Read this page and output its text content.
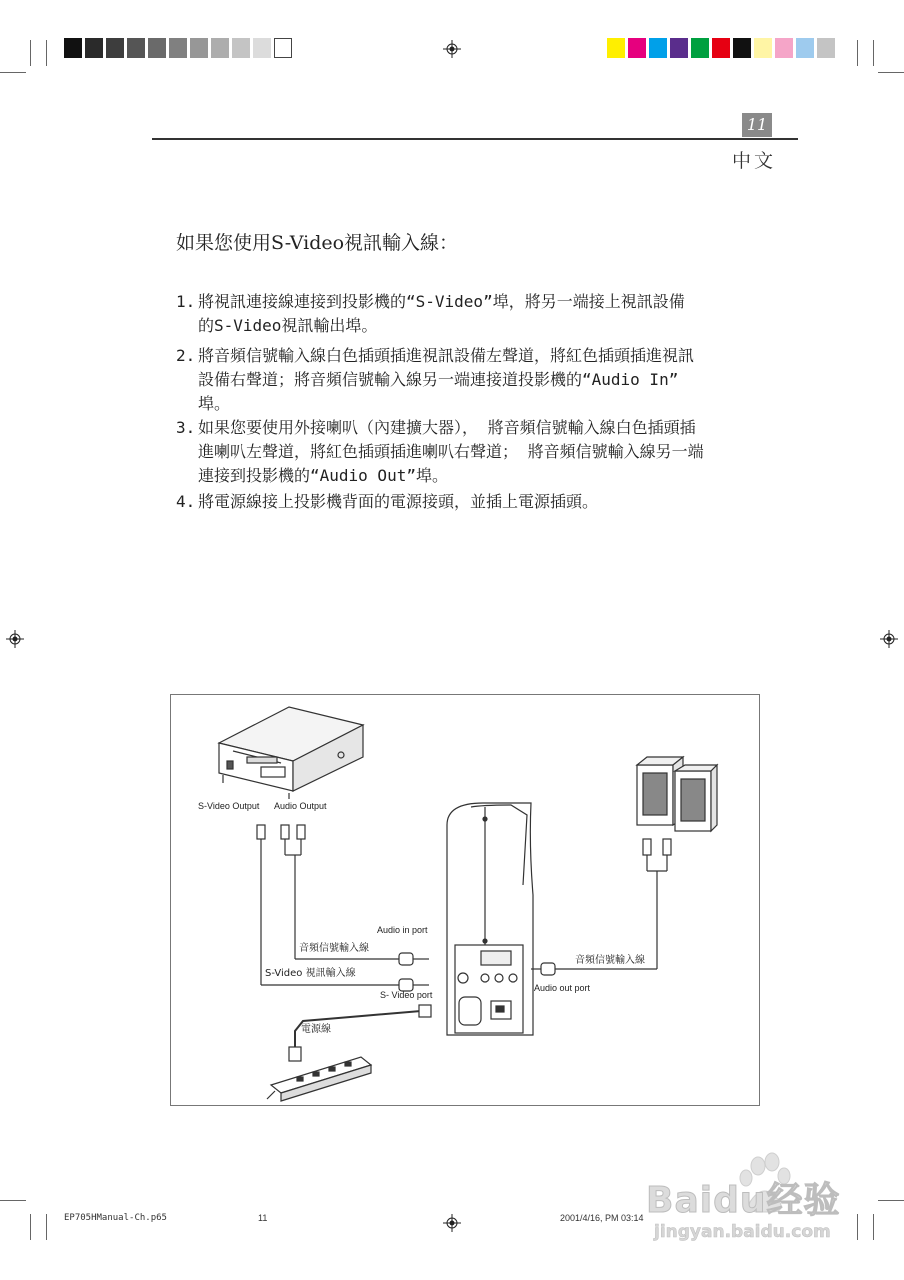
11
中文
如果您使用S-Video視訊輸入線：
1. 將視訊連接線連接到投影機的“S-Video”埠，將另一端接上視訊設備
的S-Video視訊輸出埠。
2. 將音頻信號輸入線白色插頭插進視訊設備左聲道，將紅色插頭插進視訊
設備右聲道；將音頻信號輸入線另一端連接道投影機的“Audio In”
埠。
3. 如果您要使用外接喇叭（內建擴大器）， 將音頻信號輸入線白色插頭插
進喇叭左聲道，將紅色插頭插進喇叭右聲道； 將音頻信號輸入線另一端
連接到投影機的“Audio Out”埠。
4. 將電源線接上投影機背面的電源接頭，並插上電源插頭。
S-Video Output Audio Output
Audio in port
音頻信號輸入線
S-Video 視訊輸入線
S- Video port
電源線
音頻信號輸入線
Audio out port
EP705HManual-Ch.p65	11	2001/4/16, PM 03:14 Baidu经验
jingyan.baidu.com
